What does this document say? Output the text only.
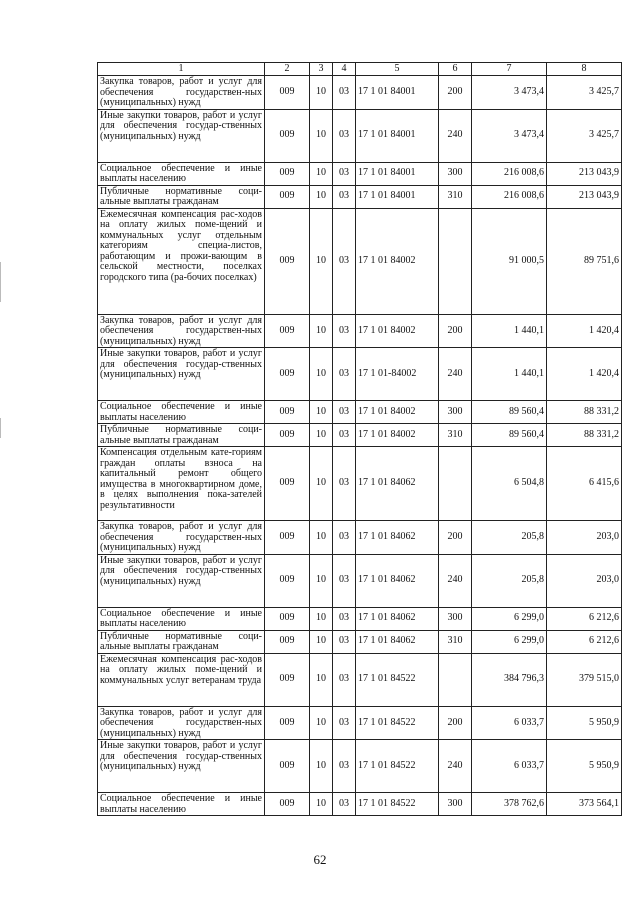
1	2	3	4	5	6	7	8

Закупка товаров, работ и услуг для обеспечения государствен-ных (муниципальных) нужд	009	10	03	17 1 01 84001	200	3 473,4	3 425,7

Иные закупки товаров, работ и услуг для обеспечения государ-ственных (муниципальных) нужд	009	10	03	17 1 01 84001	240	3 473,4	3 425,7

Социальное обеспечение и иные выплаты населению	009	10	03	17 1 01 84001	300	216 008,6	213 043,9

Публичные нормативные соци-альные выплаты гражданам	009	10	03	17 1 01 84001	310	216 008,6	213 043,9

Ежемесячная компенсация рас-ходов на оплату жилых поме-щений и коммунальных услуг отдельным категориям специа-листов, работающим и прожи-вающим в сельской местности, поселках городского типа (ра-бочих поселках)	009	10	03	17 1 01 84002		91 000,5	89 751,6

Закупка товаров, работ и услуг для обеспечения государствен-ных (муниципальных) нужд	009	10	03	17 1 01 84002	200	1 440,1	1 420,4

Иные закупки товаров, работ и услуг для обеспечения государ-ственных (муниципальных) нужд	009	10	03	17 1 01-84002	240	1 440,1	1 420,4

Социальное обеспечение и иные выплаты населению	009	10	03	17 1 01 84002	300	89 560,4	88 331,2

Публичные нормативные соци-альные выплаты гражданам	009	10	03	17 1 01 84002	310	89 560,4	88 331,2

Компенсация отдельным кате-гориям граждан оплаты взноса на капитальный ремонт общего имущества в многоквартирном доме, в целях выполнения пока-зателей результативности	009	10	03	17 1 01 84062		6 504,8	6 415,6

Закупка товаров, работ и услуг для обеспечения государствен-ных (муниципальных) нужд	009	10	03	17 1 01 84062	200	205,8	203,0

Иные закупки товаров, работ и услуг для обеспечения государ-ственных (муниципальных) нужд	009	10	03	17 1 01 84062	240	205,8	203,0

Социальное обеспечение и иные выплаты населению	009	10	03	17 1 01 84062	300	6 299,0	6 212,6

Публичные нормативные соци-альные выплаты гражданам	009	10	03	17 1 01 84062	310	6 299,0	6 212,6

Ежемесячная компенсация рас-ходов на оплату жилых поме-щений и коммунальных услуг ветеранам труда	009	10	03	17 1 01 84522		384 796,3	379 515,0

Закупка товаров, работ и услуг для обеспечения государствен-ных (муниципальных) нужд	009	10	03	17 1 01 84522	200	6 033,7	5 950,9

Иные закупки товаров, работ и услуг для обеспечения государ-ственных (муниципальных) нужд	009	10	03	17 1 01 84522	240	6 033,7	5 950,9

Социальное обеспечение и иные выплаты населению	009	10	03	17 1 01 84522	300	378 762,6	373 564,1
62
